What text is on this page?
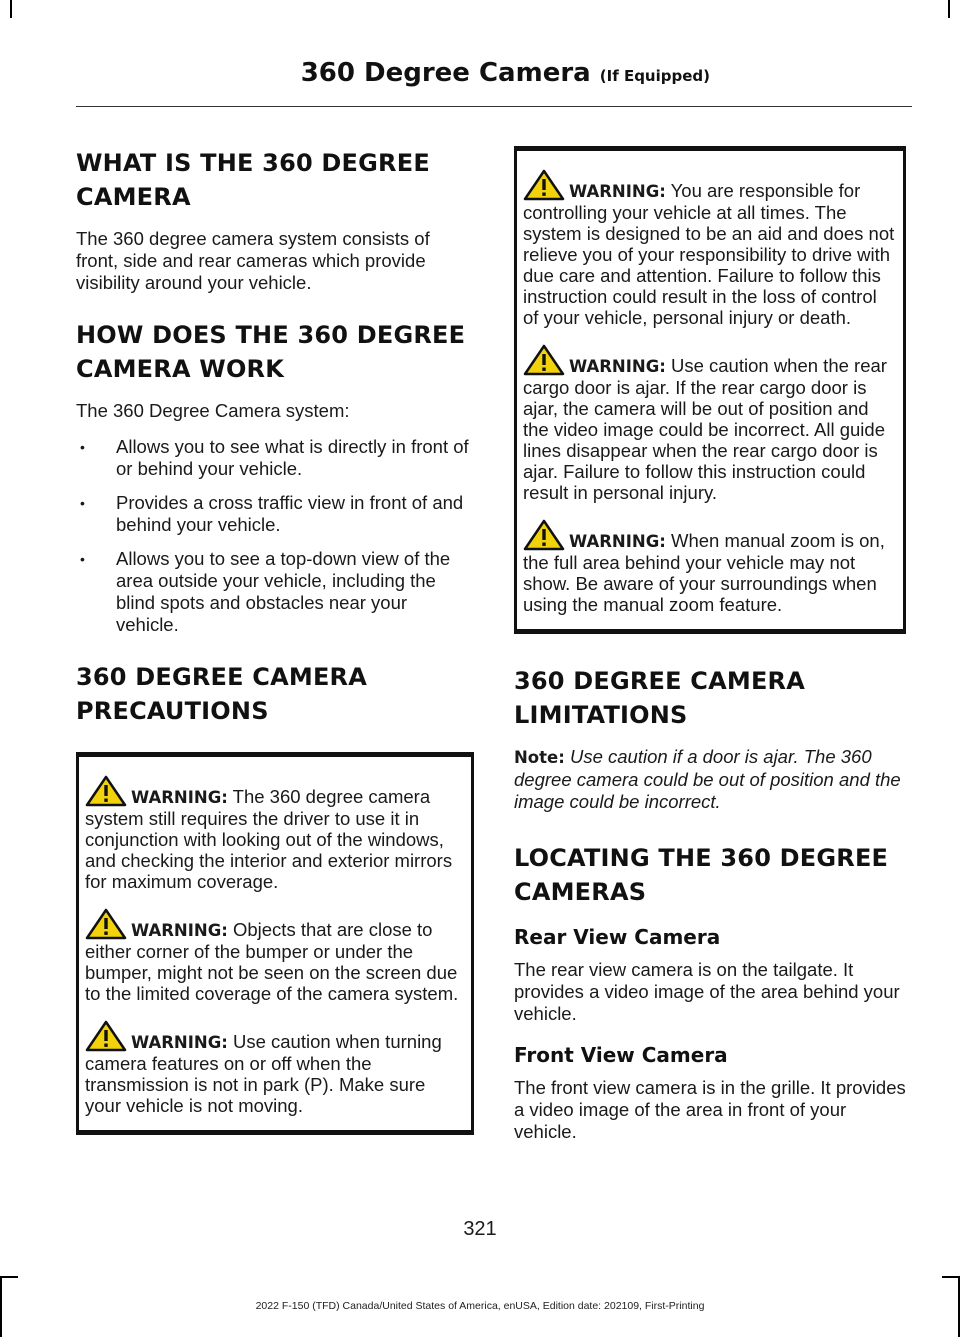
360 Degree Camera (If Equipped)
WHAT IS THE 360 DEGREE
CAMERA

The 360 degree camera system consists of front, side and rear cameras which provide visibility around your vehicle.

HOW DOES THE 360 DEGREE
CAMERA WORK

The 360 Degree Camera system:

• Allows you to see what is directly in front of or behind your vehicle.
• Provides a cross traffic view in front of and behind your vehicle.
• Allows you to see a top-down view of the area outside your vehicle, including the blind spots and obstacles near your vehicle.
360 DEGREE CAMERA
PRECAUTIONS
WARNING: The 360 degree camera system still requires the driver to use it in conjunction with looking out of the windows, and checking the interior and exterior mirrors for maximum coverage.
WARNING: Objects that are close to either corner of the bumper or under the bumper, might not be seen on the screen due to the limited coverage of the camera system.
WARNING: Use caution when turning camera features on or off when the transmission is not in park (P). Make sure your vehicle is not moving.
WARNING: You are responsible for controlling your vehicle at all times. The system is designed to be an aid and does not relieve you of your responsibility to drive with due care and attention. Failure to follow this instruction could result in the loss of control of your vehicle, personal injury or death.
WARNING: Use caution when the rear cargo door is ajar. If the rear cargo door is ajar, the camera will be out of position and the video image could be incorrect. All guide lines disappear when the rear cargo door is ajar. Failure to follow this instruction could result in personal injury.
WARNING: When manual zoom is on, the full area behind your vehicle may not show. Be aware of your surroundings when using the manual zoom feature.
360 DEGREE CAMERA
LIMITATIONS

Note: Use caution if a door is ajar. The 360 degree camera could be out of position and the image could be incorrect.

LOCATING THE 360 DEGREE
CAMERAS
Rear View Camera

The rear view camera is on the tailgate. It provides a video image of the area behind your vehicle.

Front View Camera

The front view camera is in the grille. It provides a video image of the area in front of your vehicle.

321
2022 F-150 (TFD) Canada/United States of America, enUSA, Edition date: 202109, First-Printing
